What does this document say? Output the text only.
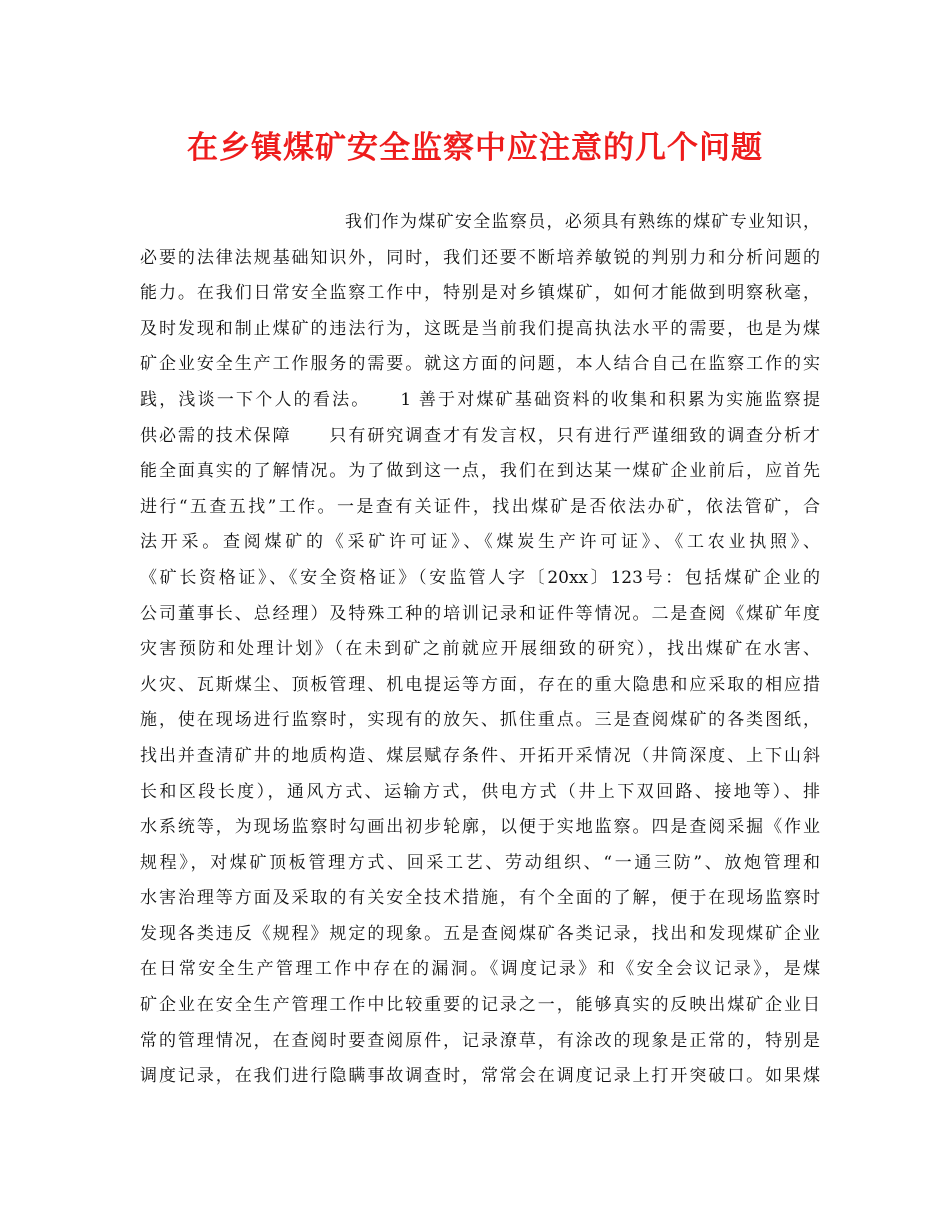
在乡镇煤矿安全监察中应注意的几个问题
我们作为煤矿安全监察员，必须具有熟练的煤矿专业知识，
必要的法律法规基础知识外，同时，我们还要不断培养敏锐的判别力和分析问题的
能力。在我们日常安全监察工作中，特别是对乡镇煤矿，如何才能做到明察秋毫，
及时发现和制止煤矿的违法行为，这既是当前我们提高执法水平的需要，也是为煤
矿企业安全生产工作服务的需要。就这方面的问题，本人结合自己在监察工作的实
践，浅谈一下个人的看法。　　1 善于对煤矿基础资料的收集和积累为实施监察提
供必需的技术保障　　只有研究调查才有发言权，只有进行严谨细致的调查分析才
能全面真实的了解情况。为了做到这一点，我们在到达某一煤矿企业前后，应首先
进行“五查五找”工作。一是查有关证件，找出煤矿是否依法办矿，依法管矿，合
法开采。查阅煤矿的《采矿许可证》、《煤炭生产许可证》、《工农业执照》、
《矿长资格证》、《安全资格证》（安监管人字〔20xx〕123号：包括煤矿企业的
公司董事长、总经理）及特殊工种的培训记录和证件等情况。二是查阅《煤矿年度
灾害预防和处理计划》（在未到矿之前就应开展细致的研究），找出煤矿在水害、
火灾、瓦斯煤尘、顶板管理、机电提运等方面，存在的重大隐患和应采取的相应措
施，使在现场进行监察时，实现有的放矢、抓住重点。三是查阅煤矿的各类图纸，
找出并查清矿井的地质构造、煤层赋存条件、开拓开采情况（井筒深度、上下山斜
长和区段长度），通风方式、运输方式，供电方式（井上下双回路、接地等）、排
水系统等，为现场监察时勾画出初步轮廓，以便于实地监察。四是查阅采掘《作业
规程》，对煤矿顶板管理方式、回采工艺、劳动组织、“一通三防”、放炮管理和
水害治理等方面及采取的有关安全技术措施，有个全面的了解，便于在现场监察时
发现各类违反《规程》规定的现象。五是查阅煤矿各类记录，找出和发现煤矿企业
在日常安全生产管理工作中存在的漏洞。《调度记录》和《安全会议记录》，是煤
矿企业在安全生产管理工作中比较重要的记录之一，能够真实的反映出煤矿企业日
常的管理情况，在查阅时要查阅原件，记录潦草，有涂改的现象是正常的，特别是
调度记录，在我们进行隐瞒事故调查时，常常会在调度记录上打开突破口。如果煤
